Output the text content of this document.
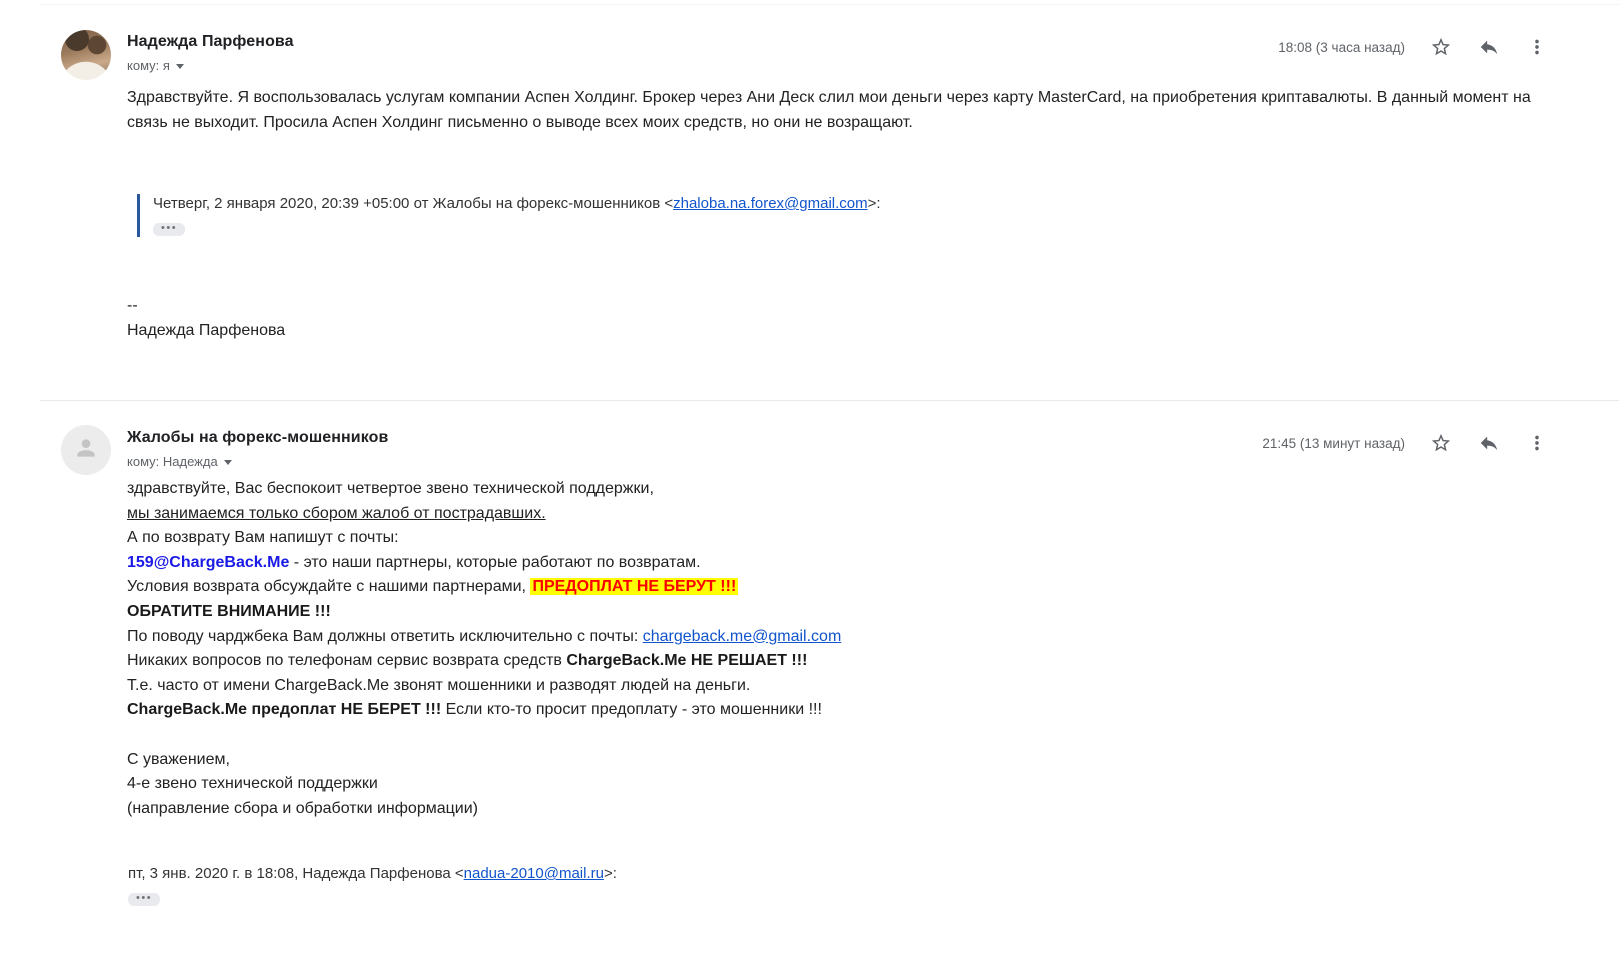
Надежда Парфенова
кому: я
18:08 (3 часа назад)
Здравствуйте. Я воспользовалась услугам компании Аспен Холдинг. Брокер через Ани Деск слил мои деньги через карту MasterCard, на приобретения криптавалюты. В данный момент на
связь не выходит. Просила Аспен Холдинг письменно о выводе всех моих средств, но они не возращают.
Четверг, 2 января 2020, 20:39 +05:00 от Жалобы на форекс-мошенников <zhaloba.na.forex@gmail.com>:
•••
--
Надежда Парфенова
Жалобы на форекс-мошенников
кому: Надежда
21:45 (13 минут назад)
здравствуйте, Вас беспокоит четвертое звено технической поддержки,
мы занимаемся только сбором жалоб от пострадавших.
А по возврату Вам напишут с почты:
159@ChargeBack.Me - это наши партнеры, которые работают по возвратам.
Условия возврата обсуждайте с нашими партнерами, ПРЕДОПЛАТ НЕ БЕРУТ !!!
ОБРАТИТЕ ВНИМАНИЕ !!!
По поводу чарджбека Вам должны ответить исключительно с почты: chargeback.me@gmail.com
Никаких вопросов по телефонам сервис возврата средств ChargeBack.Me НЕ РЕШАЕТ !!!
Т.е. часто от имени ChargeBack.Me звонят мошенники и разводят людей на деньги.
ChargeBack.Me предоплат НЕ БЕРЕТ !!! Если кто-то просит предоплату - это мошенники !!!

С уважением,
4-е звено технической поддержки
(направление сбора и обработки информации)
пт, 3 янв. 2020 г. в 18:08, Надежда Парфенова <nadua-2010@mail.ru>:
•••
